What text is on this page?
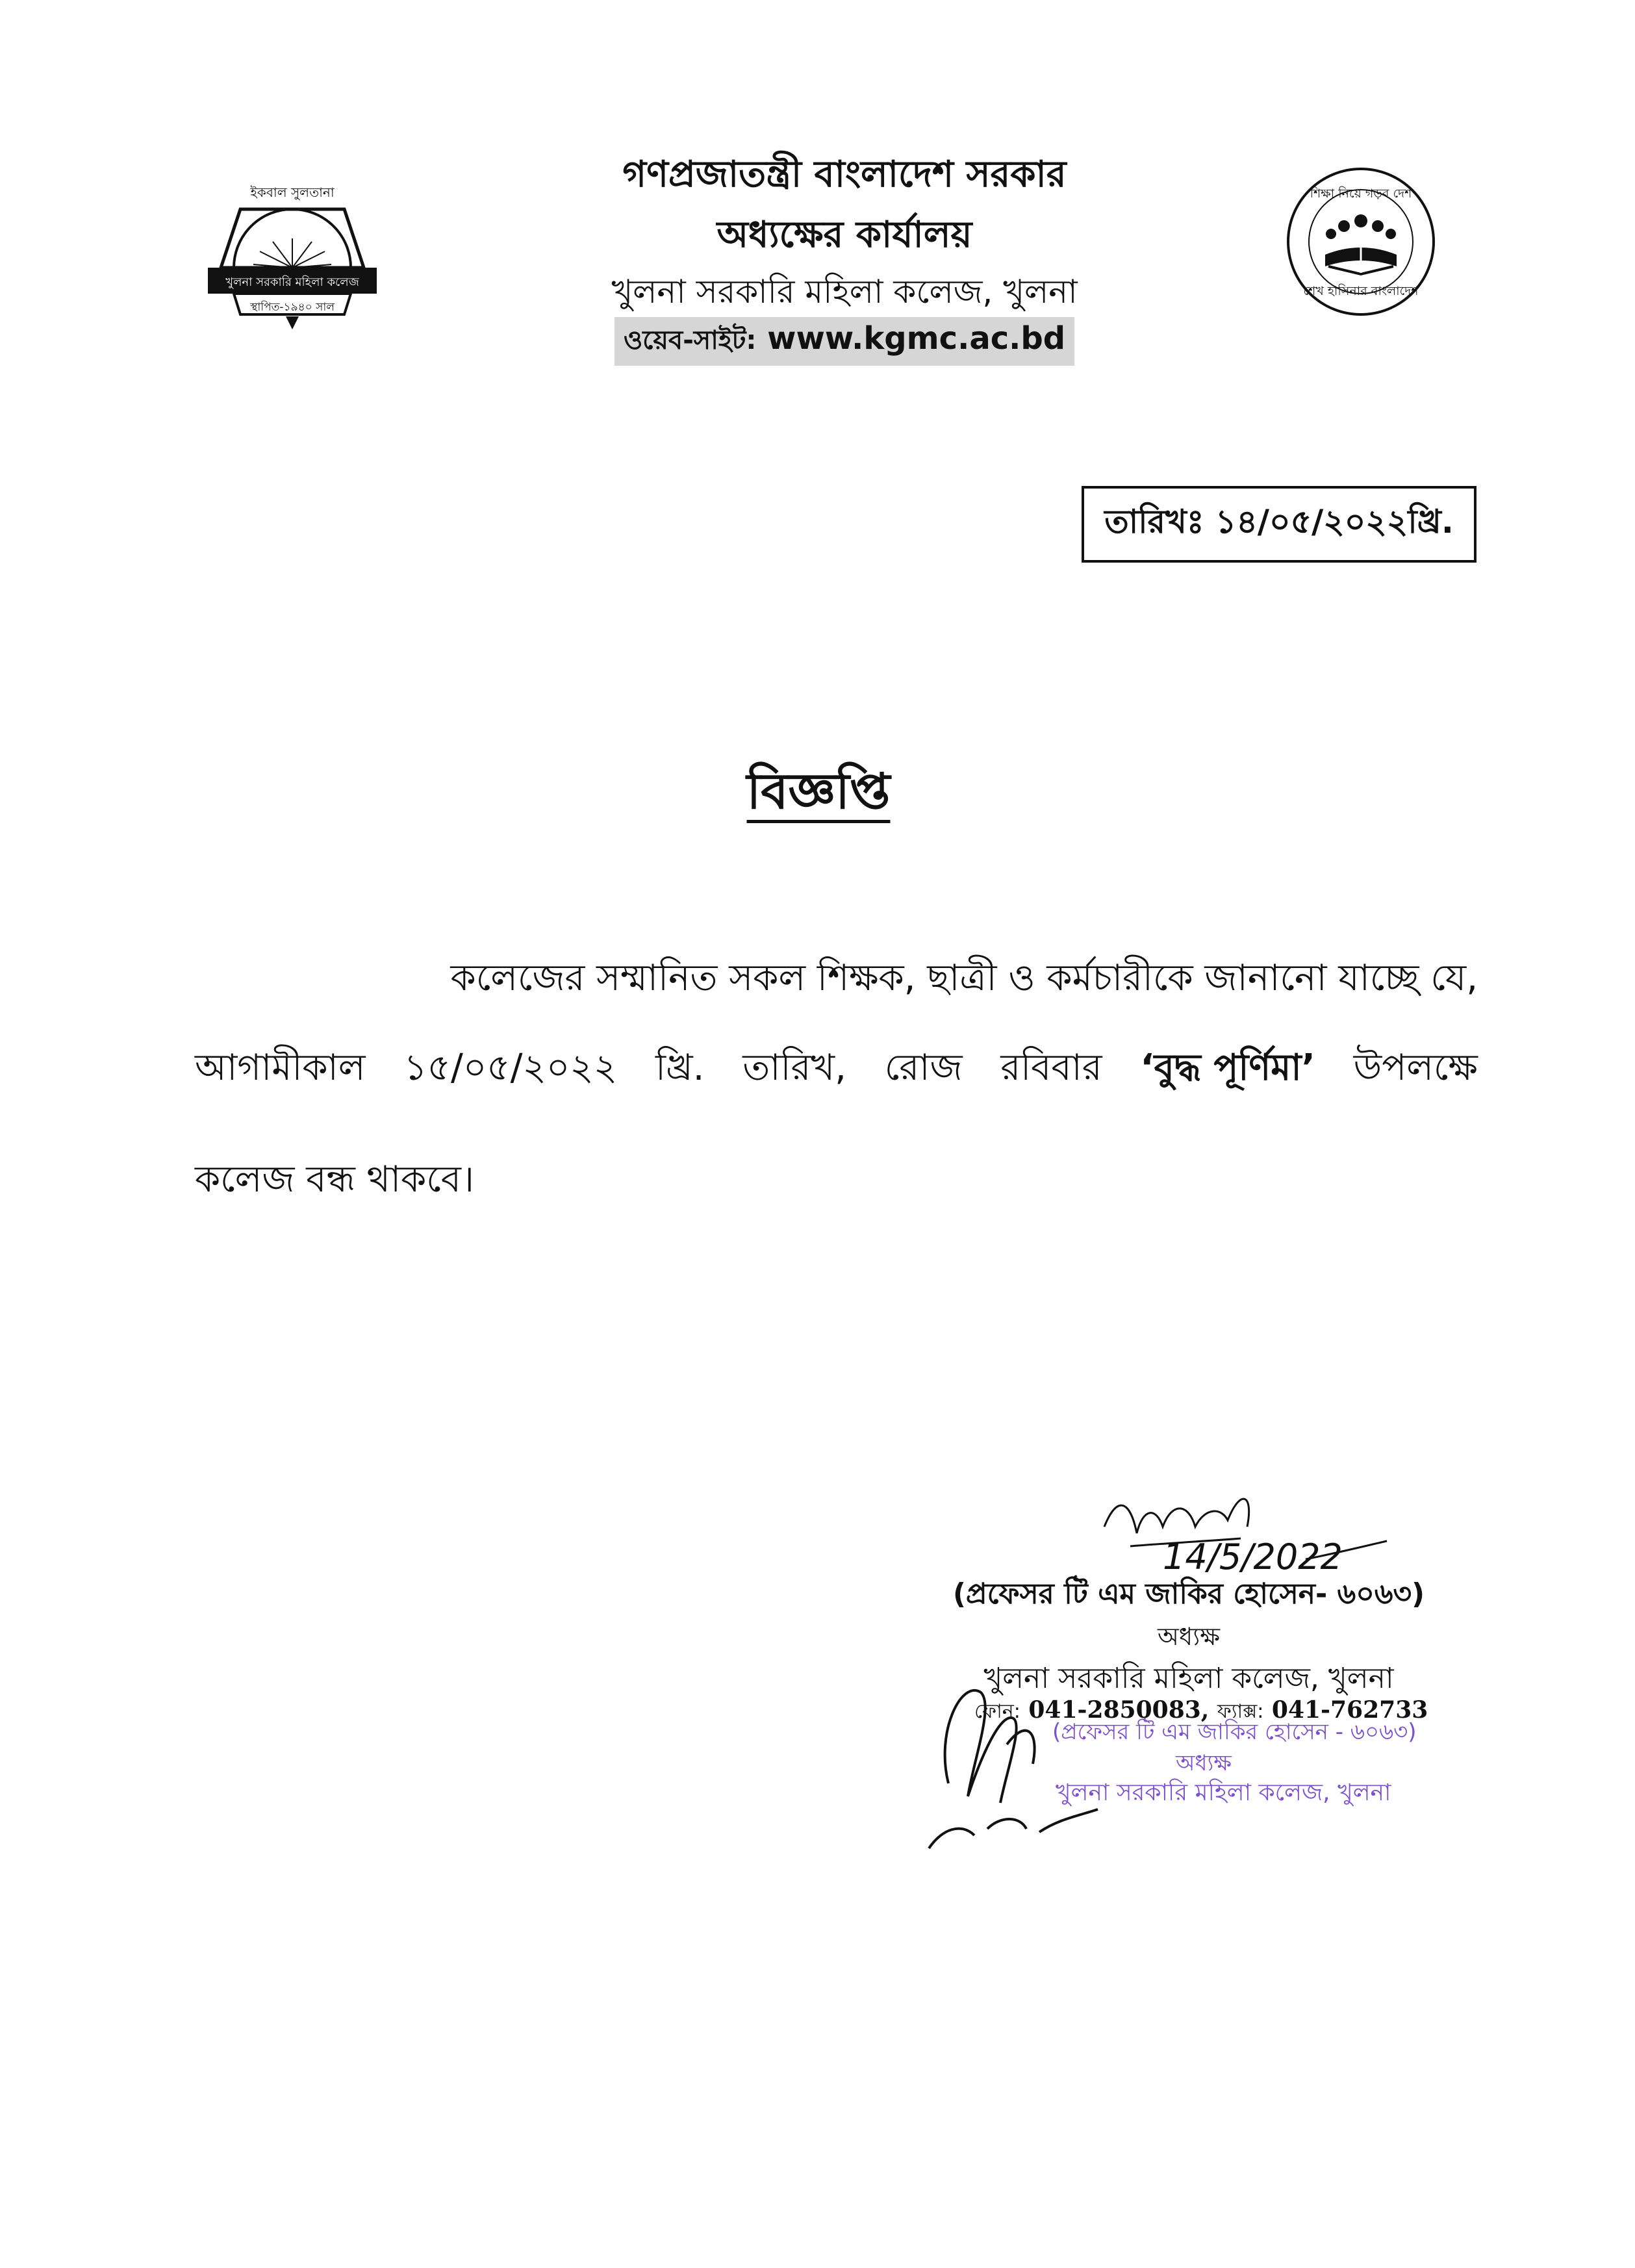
গণপ্রজাতন্ত্রী বাংলাদেশ সরকার
অধ্যক্ষের কার্যালয়
খুলনা সরকারি মহিলা কলেজ, খুলনা
ওয়েব-সাইট: www.kgmc.ac.bd
ইকবাল সুলতানা
খুলনা সরকারি মহিলা কলেজ
স্থাপিত-১৯৪০ সাল
শিক্ষা নিয়ে গড়ব দেশ
শেখ হাসিনার বাংলাদেশ
তারিখঃ ১৪/০৫/২০২২খ্রি.
বিজ্ঞপ্তি
কলেজের সম্মানিত সকল শিক্ষক, ছাত্রী ও কর্মচারীকে জানানো যাচ্ছে যে,
আগামীকাল ১৫/০৫/২০২২ খ্রি. তারিখ, রোজ রবিবার ‘বুদ্ধ পূর্ণিমা’ উপলক্ষে
কলেজ বন্ধ থাকবে।
14/5/2022
(প্রফেসর টি এম জাকির হোসেন- ৬০৬৩)
অধ্যক্ষ
খুলনা সরকারি মহিলা কলেজ, খুলনা
ফোন: 041-2850083, ফ্যাক্স: 041-762733
(প্রফেসর টি এম জাকির হোসেন - ৬০৬৩)
অধ্যক্ষ
খুলনা সরকারি মহিলা কলেজ, খুলনা
